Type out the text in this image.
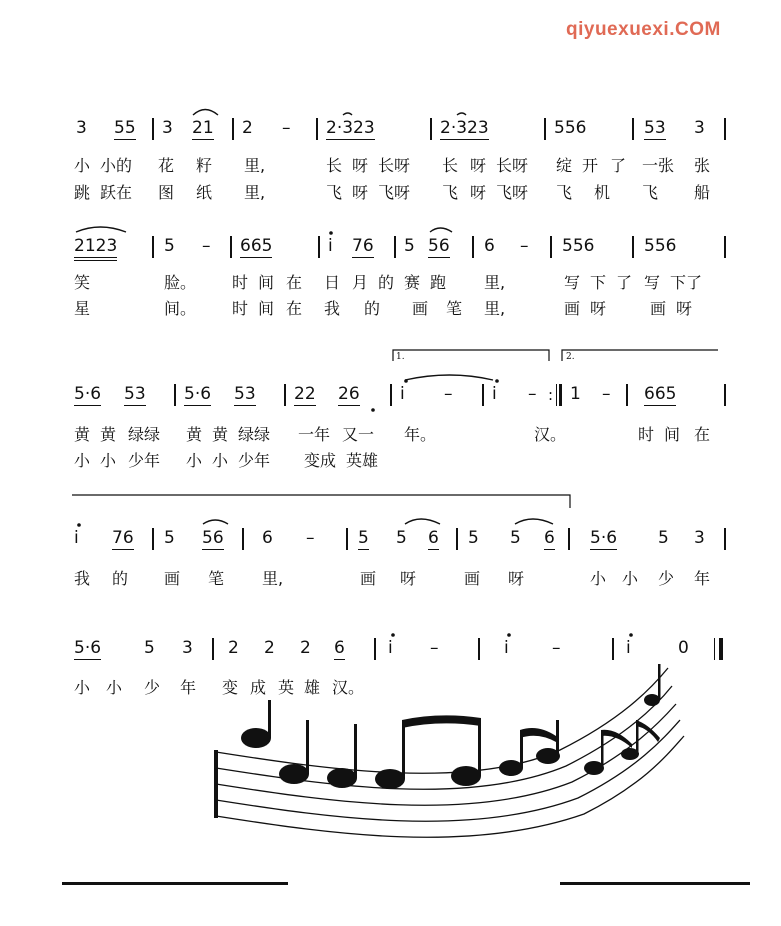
qiyuexuexi.COM
3 55 3 21 2 – 2·323	2·323	556	53 3
小 小的 花 籽 里,	长 呀 长呀 长 呀 长呀 绽 开 了 一张 张
跳 跃在 图 纸 里,	飞 呀 飞呀 飞 呀 飞呀 飞 机 飞 船
2123	5 – 665	i 76 5 56 6 – 556	556
笑	脸。 时 间 在 日 月 的 赛 跑 里,	写 下 了 写 下了
星	间。 时 间 在 我 的 画 笔 里,	画 呀	画 呀
1.	2.
5·6 53 5·6 53 22 26 i – i – : 1 – 665
黄 黄 绿绿 黄 黄 绿绿 一年 又一 年。	汉。	时 间 在
小 小 少年 小 小 少年 变成 英雄
i 76 5 56 6 –	5 5 6 5 5 6 5·6 5 3
我 的 画 笔 里,	画 呀	画 呀	小 小 少 年
5·6	5 3 2 2 2 6	i –	i	–	i	0
小 小 少 年 变 成 英 雄 汉。
